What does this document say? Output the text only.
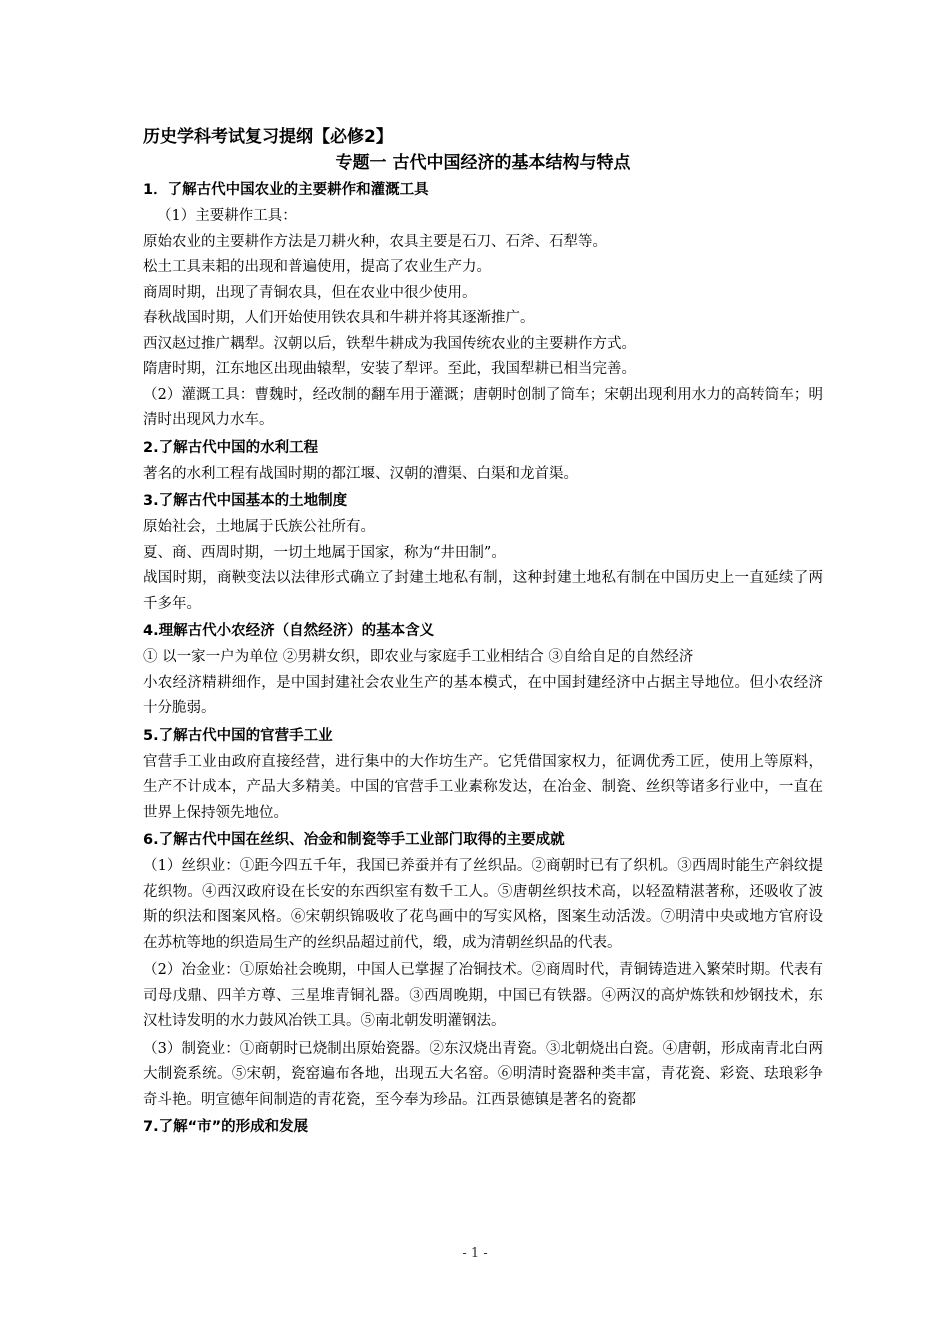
历史学科考试复习提纲【必修2】

专题一 古代中国经济的基本结构与特点

1．了解古代中国农业的主要耕作和灌溉工具

（1）主要耕作工具：

原始农业的主要耕作方法是刀耕火种，农具主要是石刀、石斧、石犁等。

松土工具耒耜的出现和普遍使用，提高了农业生产力。

商周时期，出现了青铜农具，但在农业中很少使用。

春秋战国时期，人们开始使用铁农具和牛耕并将其逐渐推广。

西汉赵过推广耦犁。汉朝以后，铁犁牛耕成为我国传统农业的主要耕作方式。

隋唐时期，江东地区出现曲辕犁，安装了犁评。至此，我国犁耕已相当完善。

（2）灌溉工具：曹魏时，经改制的翻车用于灌溉；唐朝时创制了筒车；宋朝出现利用水力的高转筒车；明清时出现风力水车。

2.了解古代中国的水利工程

著名的水利工程有战国时期的都江堰、汉朝的漕渠、白渠和龙首渠。

3.了解古代中国基本的土地制度

原始社会，土地属于氏族公社所有。

夏、商、西周时期，一切土地属于国家，称为“井田制”。

战国时期，商鞅变法以法律形式确立了封建土地私有制，这种封建土地私有制在中国历史上一直延续了两千多年。

4.理解古代小农经济（自然经济）的基本含义

① 以一家一户为单位 ②男耕女织，即农业与家庭手工业相结合 ③自给自足的自然经济

小农经济精耕细作，是中国封建社会农业生产的基本模式，在中国封建经济中占据主导地位。但小农经济十分脆弱。

5.了解古代中国的官营手工业

官营手工业由政府直接经营，进行集中的大作坊生产。它凭借国家权力，征调优秀工匠，使用上等原料，生产不计成本，产品大多精美。中国的官营手工业素称发达，在冶金、制瓷、丝织等诸多行业中，一直在世界上保持领先地位。

6.了解古代中国在丝织、冶金和制瓷等手工业部门取得的主要成就

（1）丝织业：①距今四五千年，我国已养蚕并有了丝织品。②商朝时已有了织机。③西周时能生产斜纹提花织物。④西汉政府设在长安的东西织室有数千工人。⑤唐朝丝织技术高，以轻盈精湛著称，还吸收了波斯的织法和图案风格。⑥宋朝织锦吸收了花鸟画中的写实风格，图案生动活泼。⑦明清中央或地方官府设在苏杭等地的织造局生产的丝织品超过前代，缎，成为清朝丝织品的代表。

（2）冶金业：①原始社会晚期，中国人已掌握了冶铜技术。②商周时代，青铜铸造进入繁荣时期。代表有司母戊鼎、四羊方尊、三星堆青铜礼器。③西周晚期，中国已有铁器。④两汉的高炉炼铁和炒钢技术，东汉杜诗发明的水力鼓风冶铁工具。⑤南北朝发明灌钢法。

（3）制瓷业：①商朝时已烧制出原始瓷器。②东汉烧出青瓷。③北朝烧出白瓷。④唐朝，形成南青北白两大制瓷系统。⑤宋朝，瓷窑遍布各地，出现五大名窑。⑥明清时瓷器种类丰富，青花瓷、彩瓷、珐琅彩争奇斗艳。明宣德年间制造的青花瓷，至今奉为珍品。江西景德镇是著名的瓷都

7.了解“市”的形成和发展

- 1 -
